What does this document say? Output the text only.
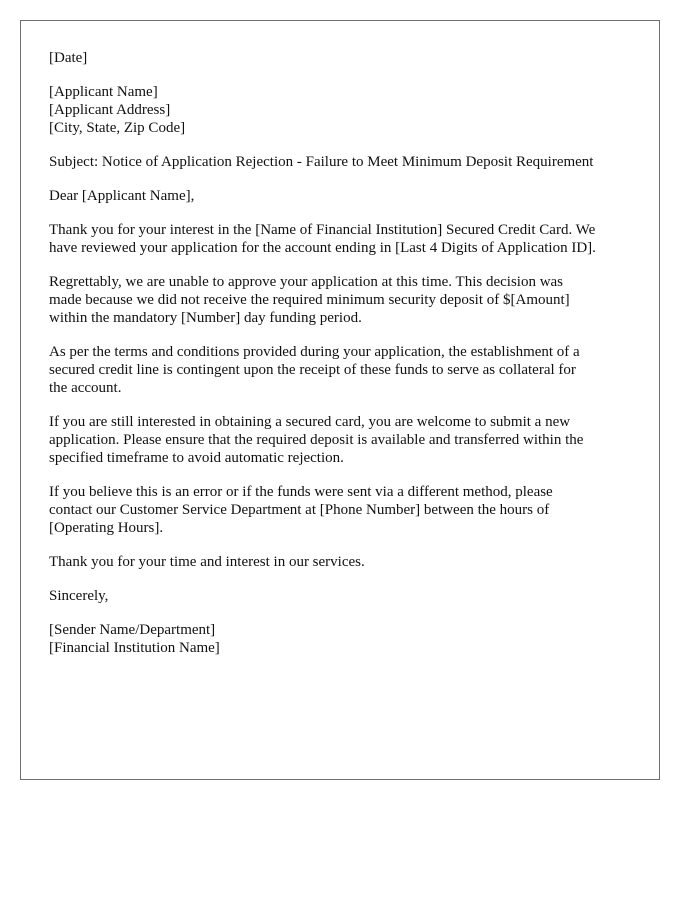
[Date]
[Applicant Name]
[Applicant Address]
[City, State, Zip Code]
Subject: Notice of Application Rejection - Failure to Meet Minimum Deposit Requirement
Dear [Applicant Name],
Thank you for your interest in the [Name of Financial Institution] Secured Credit Card. We
have reviewed your application for the account ending in [Last 4 Digits of Application ID].
Regrettably, we are unable to approve your application at this time. This decision was
made because we did not receive the required minimum security deposit of $[Amount]
within the mandatory [Number] day funding period.
As per the terms and conditions provided during your application, the establishment of a
secured credit line is contingent upon the receipt of these funds to serve as collateral for
the account.
If you are still interested in obtaining a secured card, you are welcome to submit a new
application. Please ensure that the required deposit is available and transferred within the
specified timeframe to avoid automatic rejection.
If you believe this is an error or if the funds were sent via a different method, please
contact our Customer Service Department at [Phone Number] between the hours of
[Operating Hours].
Thank you for your time and interest in our services.
Sincerely,
[Sender Name/Department]
[Financial Institution Name]
